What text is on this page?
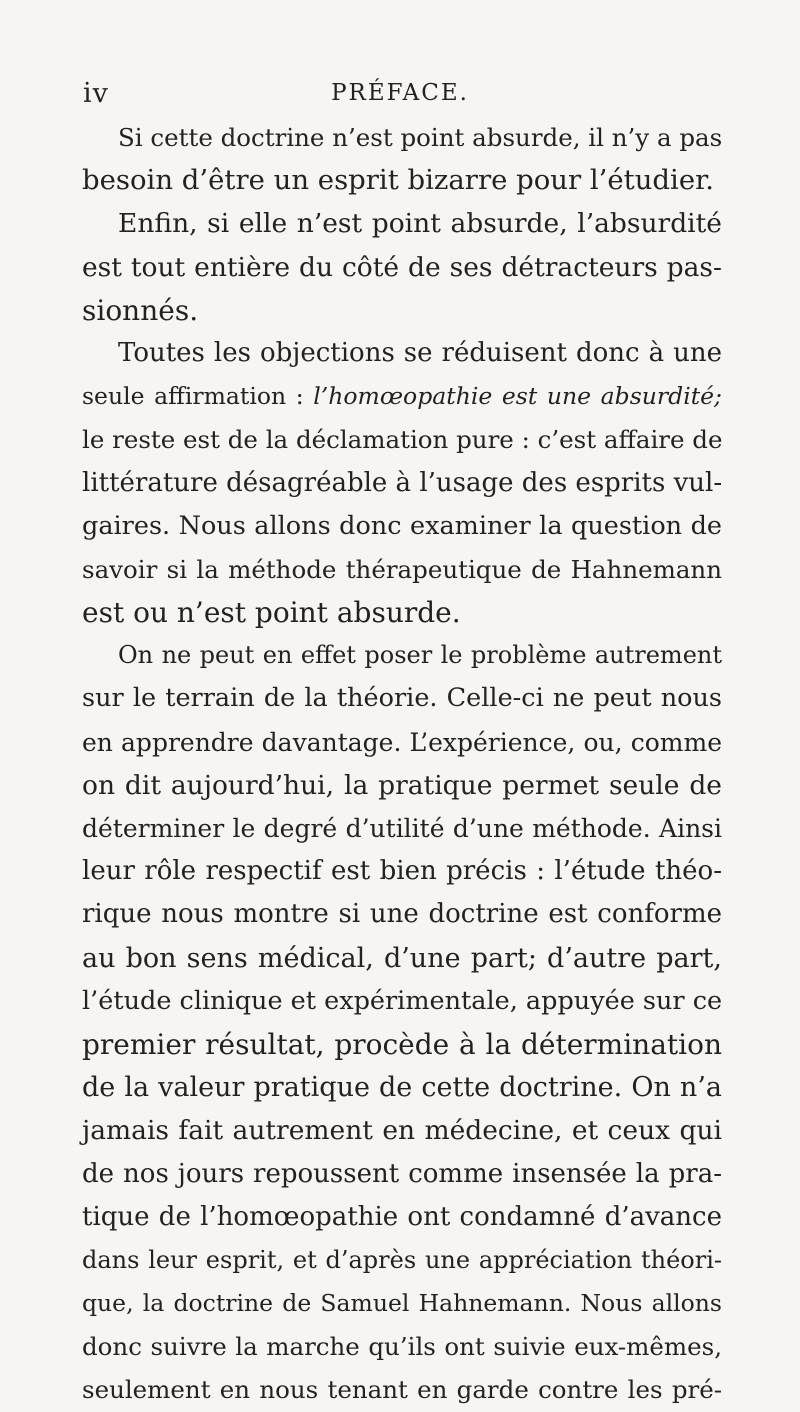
iv	PRÉFACE.
Si cette doctrine n’est point absurde, il n’y a pas
besoin d’être un esprit bizarre pour l’étudier.
Enfin, si elle n’est point absurde, l’absurdité
est tout entière du côté de ses détracteurs pas-
sionnés.
Toutes les objections se réduisent donc à une
seule affirmation : l’homœopathie est une absurdité;
le reste est de la déclamation pure : c’est affaire de
littérature désagréable à l’usage des esprits vul-
gaires. Nous allons donc examiner la question de
savoir si la méthode thérapeutique de Hahnemann
est ou n’est point absurde.
On ne peut en effet poser le problème autrement
sur le terrain de la théorie. Celle-ci ne peut nous
en apprendre davantage. L’expérience, ou, comme
on dit aujourd’hui, la pratique permet seule de
déterminer le degré d’utilité d’une méthode. Ainsi
leur rôle respectif est bien précis : l’étude théo-
rique nous montre si une doctrine est conforme
au bon sens médical, d’une part; d’autre part,
l’étude clinique et expérimentale, appuyée sur ce
premier résultat, procède à la détermination
de la valeur pratique de cette doctrine. On n’a
jamais fait autrement en médecine, et ceux qui
de nos jours repoussent comme insensée la pra-
tique de l’homœopathie ont condamné d’avance
dans leur esprit, et d’après une appréciation théori-
que, la doctrine de Samuel Hahnemann. Nous allons
donc suivre la marche qu’ils ont suivie eux-mêmes,
seulement en nous tenant en garde contre les pré-
